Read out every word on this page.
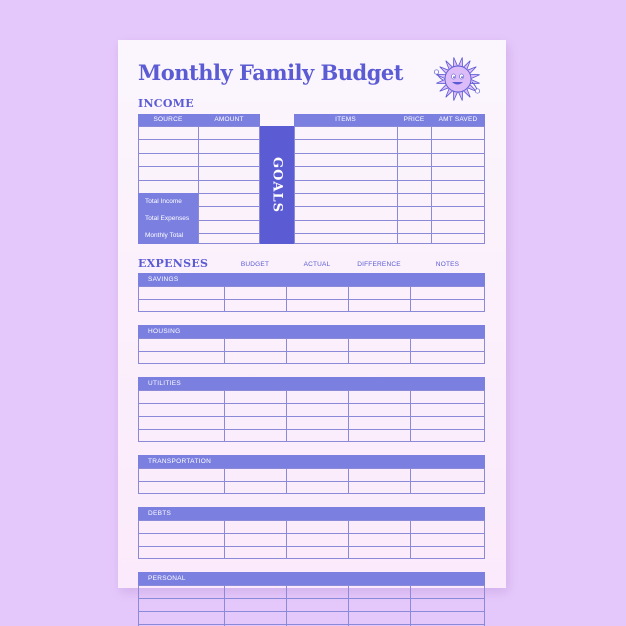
Monthly Family Budget
INCOME
SOURCE	AMOUNT	ITEMS	PRICE	AMT SAVED
Total Income
Total Expenses
Monthly Total
GOALS
EXPENSES	BUDGET	ACTUAL	DIFFERENCE	NOTES
SAVINGS
HOUSING
UTILITIES
TRANSPORTATION
DEBTS
PERSONAL
